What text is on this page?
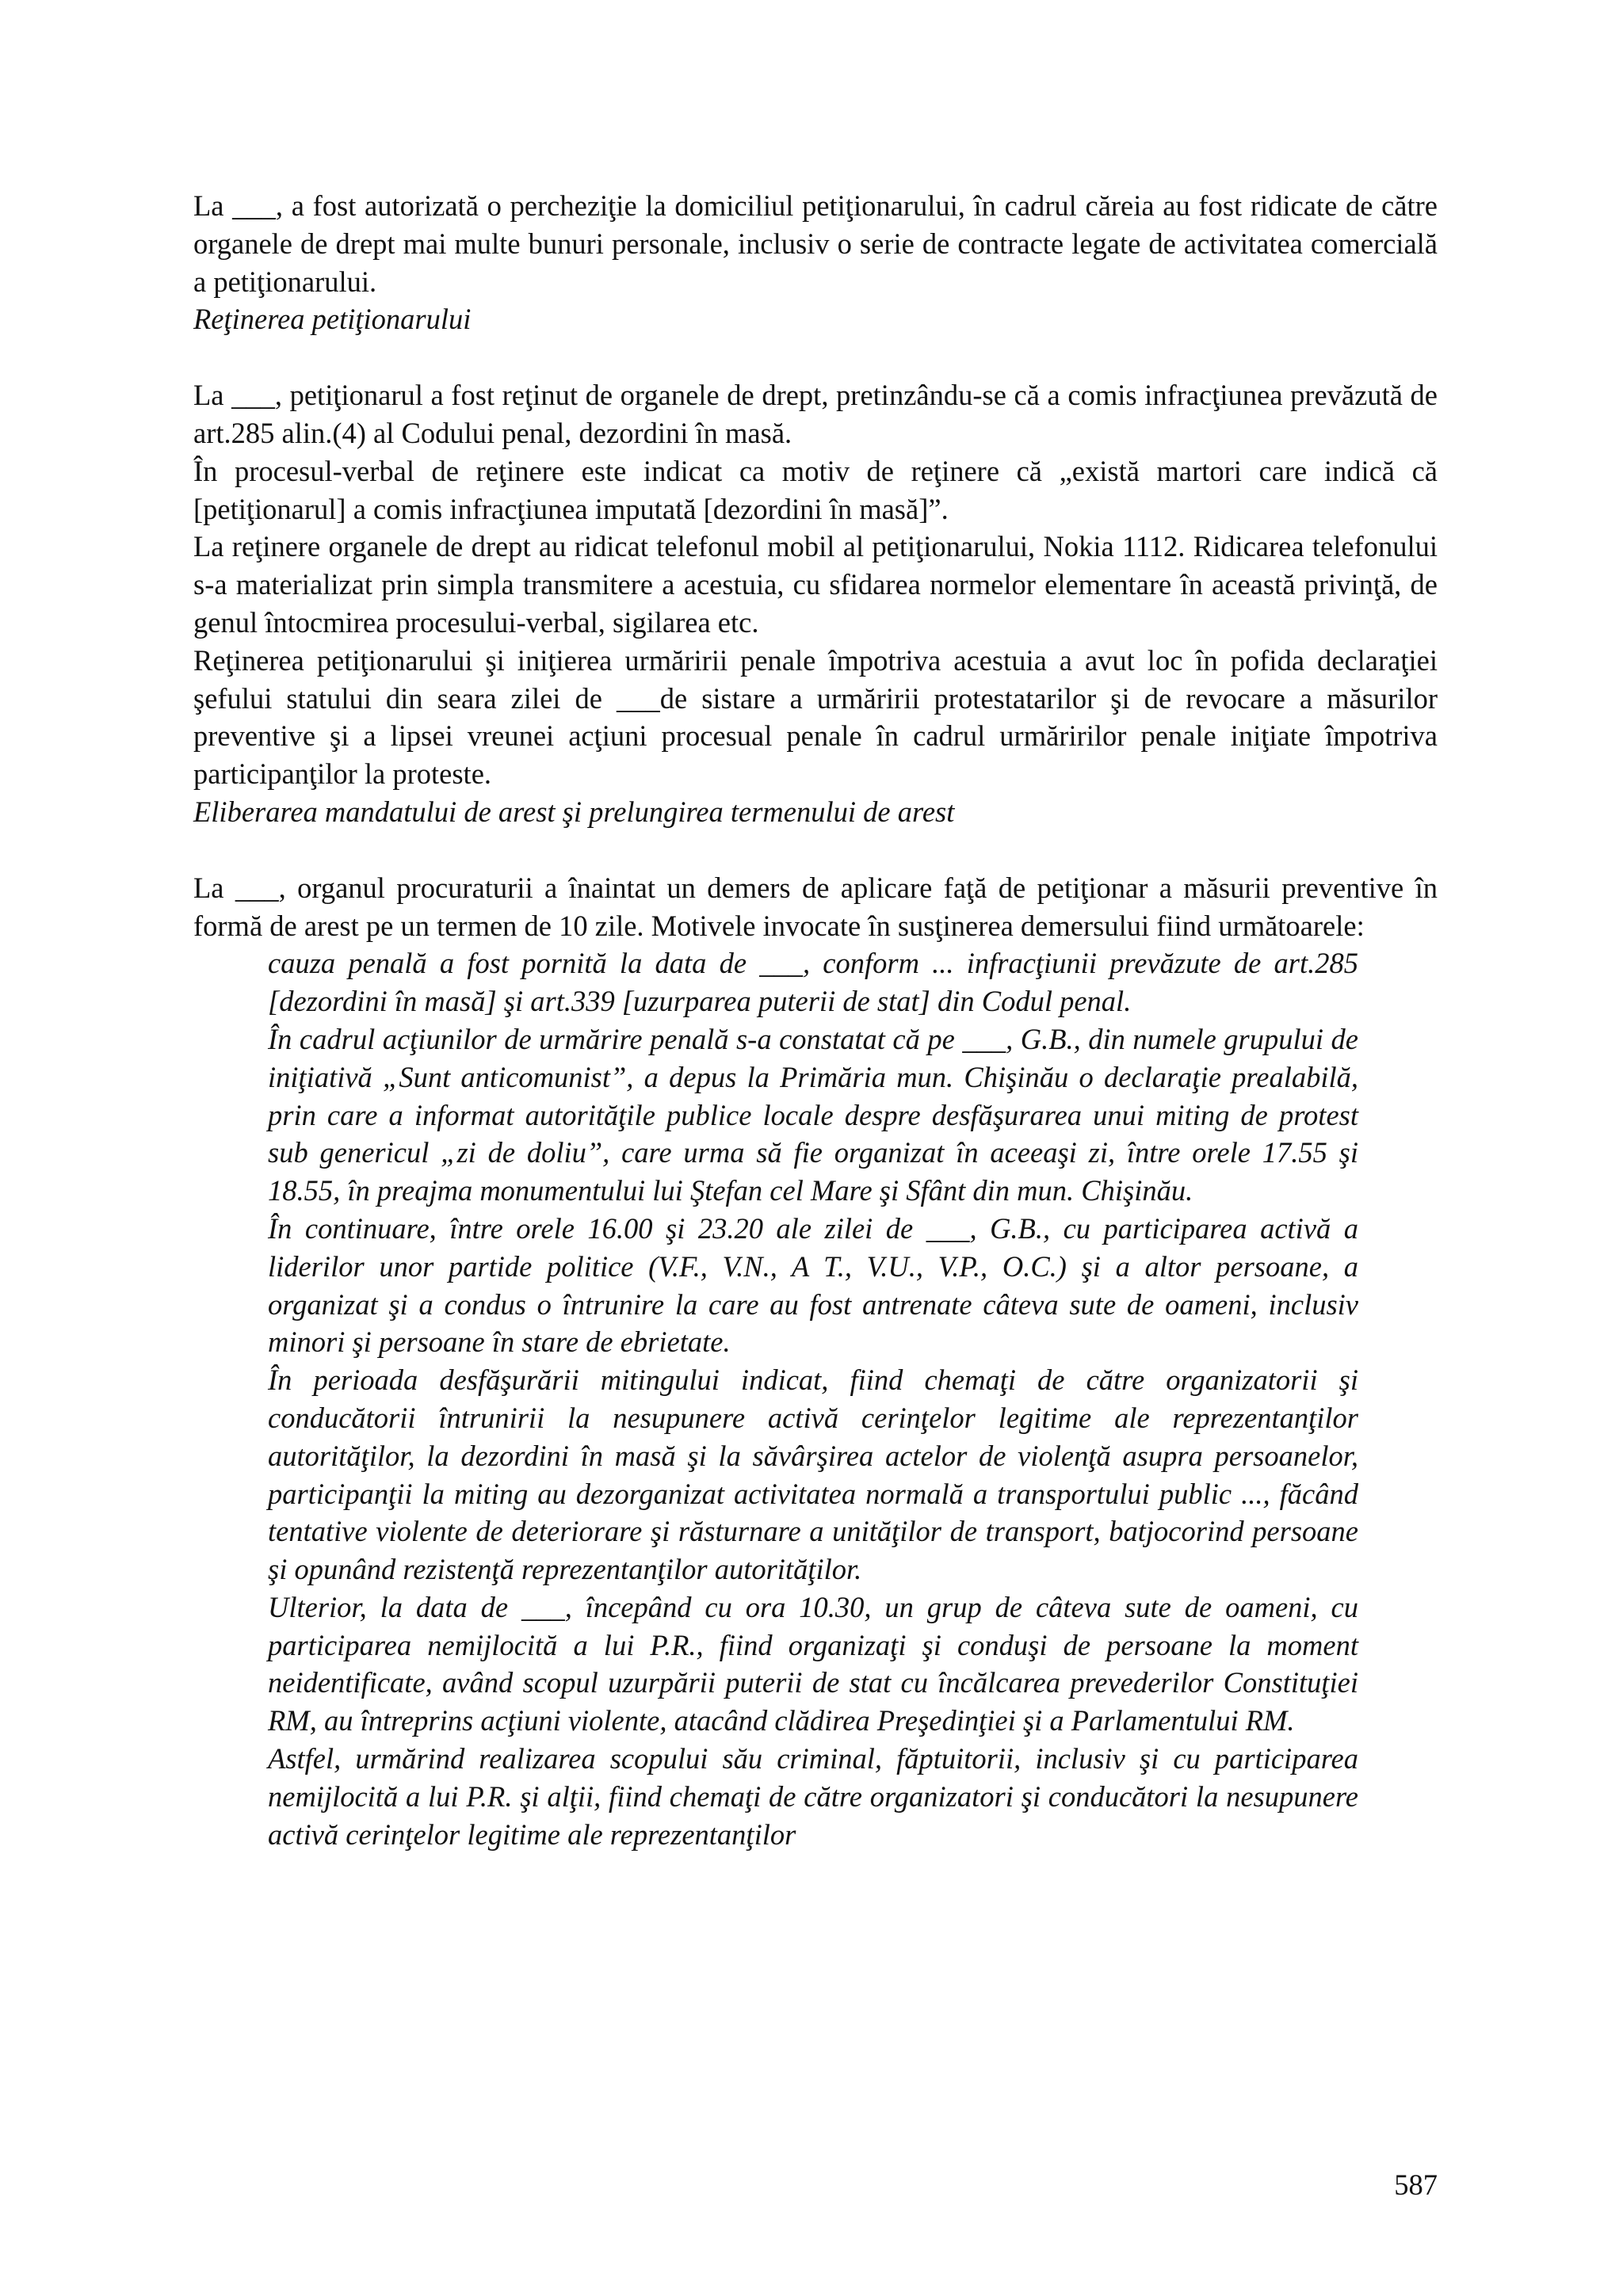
La ___, a fost autorizată o percheziţie la domiciliul petiţionarului, în cadrul căreia au fost ridicate de către organele de drept mai multe bunuri personale, inclusiv o serie de contracte legate de activitatea comercială a petiţionarului.

Reţinerea petiţionarului

La ___, petiţionarul a fost reţinut de organele de drept, pretinzându-se că a comis infracţiunea prevăzută de art.285 alin.(4) al Codului penal, dezordini în masă.

În procesul-verbal de reţinere este indicat ca motiv de reţinere că „există martori care indică că [petiţionarul] a comis infracţiunea imputată [dezordini în masă]”.

La reţinere organele de drept au ridicat telefonul mobil al petiţionarului, Nokia 1112. Ridicarea telefonului s-a materializat prin simpla transmitere a acestuia, cu sfidarea normelor elementare în această privinţă, de genul întocmirea procesului-verbal, sigilarea etc.

Reţinerea petiţionarului şi iniţierea urmăririi penale împotriva acestuia a avut loc în pofida declaraţiei şefului statului din seara zilei de ___de sistare a urmăririi protestatarilor şi de revocare a măsurilor preventive şi a lipsei vreunei acţiuni procesual penale în cadrul urmăririlor penale iniţiate împotriva participanţilor la proteste.

Eliberarea mandatului de arest şi prelungirea termenului de arest

La ___, organul procuraturii a înaintat un demers de aplicare faţă de petiţionar a măsurii preventive în formă de arest pe un termen de 10 zile. Motivele invocate în susţinerea demersului fiind următoarele:

cauza penală a fost pornită la data de ___, conform ... infracţiunii prevăzute de art.285 [dezordini în masă] şi art.339 [uzurparea puterii de stat] din Codul penal.

În cadrul acţiunilor de urmărire penală s-a constatat că pe ___, G.B., din numele grupului de iniţiativă „Sunt anticomunist”, a depus la Primăria mun. Chişinău o declaraţie prealabilă, prin care a informat autorităţile publice locale despre desfăşurarea unui miting de protest sub genericul „zi de doliu”, care urma să fie organizat în aceeaşi zi, între orele 17.55 şi 18.55, în preajma monumentului lui Ştefan cel Mare şi Sfânt din mun. Chişinău.

În continuare, între orele 16.00 şi 23.20 ale zilei de ___, G.B., cu participarea activă a liderilor unor partide politice (V.F., V.N., A T., V.U., V.P., O.C.) şi a altor persoane, a organizat şi a condus o întrunire la care au fost antrenate câteva sute de oameni, inclusiv minori şi persoane în stare de ebrietate.

În perioada desfăşurării mitingului indicat, fiind chemaţi de către organizatorii şi conducătorii întrunirii la nesupunere activă cerinţelor legitime ale reprezentanţilor autorităţilor, la dezordini în masă şi la săvârşirea actelor de violenţă asupra persoanelor, participanţii la miting au dezorganizat activitatea normală a transportului public ..., făcând tentative violente de deteriorare şi răsturnare a unităţilor de transport, batjocorind persoane şi opunând rezistenţă reprezentanţilor autorităţilor.

Ulterior, la data de ___, începând cu ora 10.30, un grup de câteva sute de oameni, cu participarea nemijlocită a lui P.R., fiind organizaţi şi conduşi de persoane la moment neidentificate, având scopul uzurpării puterii de stat cu încălcarea prevederilor Constituţiei RM, au întreprins acţiuni violente, atacând clădirea Preşedinţiei şi a Parlamentului RM.

Astfel, urmărind realizarea scopului său criminal, făptuitorii, inclusiv şi cu participarea nemijlocită a lui P.R. şi alţii, fiind chemaţi de către organizatori şi conducători la nesupunere activă cerinţelor legitime ale reprezentanţilor

587
